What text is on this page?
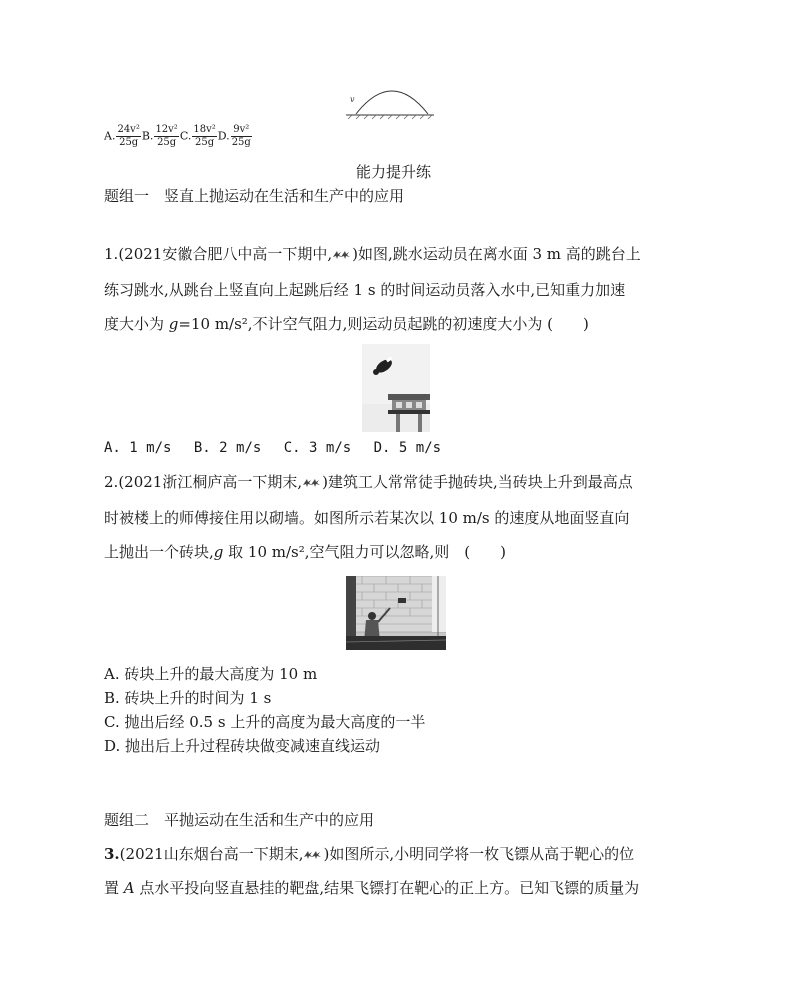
v
A. $\frac{\text{24v²}}{25g} B$. $\frac{\text{12v²}}{25g} C$. $\frac{\text{18v²}}{25g} D$. $\frac{\text{9v²}}{25g}$
能力提升练
题组一　竖直上抛运动在生活和生产中的应用
1.(2021安徽合肥八中高一下期中, )如图,跳水运动员在离水面 3 m 高的跳台上
练习跳水,从跳台上竖直向上起跳后经 1 s 的时间运动员落入水中,已知重力加速
度大小为 g=10 m/s²,不计空气阻力,则运动员起跳的初速度大小为 (　　)
A. 1 m/s B. 2 m/s C. 3 m/s D. 5 m/s
2.(2021浙江桐庐高一下期末, )建筑工人常常徒手抛砖块,当砖块上升到最高点
时被楼上的师傅接住用以砌墙。如图所示若某次以 10 m/s 的速度从地面竖直向
上抛出一个砖块,g 取 10 m/s²,空气阻力可以忽略,则　(　　)
A. 砖块上升的最大高度为 10 m
B. 砖块上升的时间为 1 s
C. 抛出后经 0.5 s 上升的高度为最大高度的一半
D. 抛出后上升过程砖块做变减速直线运动
题组二　平抛运动在生活和生产中的应用
3.(2021山东烟台高一下期末, )如图所示,小明同学将一枚飞镖从高于靶心的位
置 A 点水平投向竖直悬挂的靶盘,结果飞镖打在靶心的正上方。已知飞镖的质量为
